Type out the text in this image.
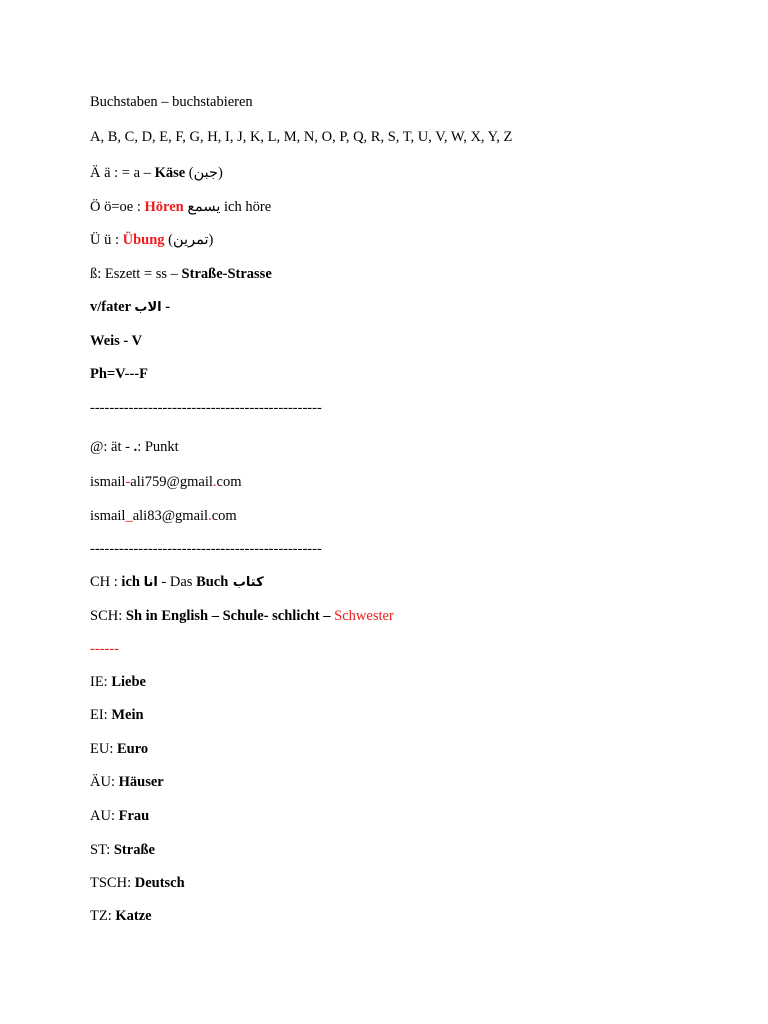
Buchstaben – buchstabieren
A, B, C, D, E, F, G, H, I, J, K, L, M, N, O, P, Q, R, S, T, U, V, W, X, Y, Z
Ä ä : = a – Käse (جبن)
Ö ö=oe : Hören يسمع ich höre
Ü ü : Übung (تمرين)
ß: Eszett = ss – Straße-Strasse
v/fater الاب -
Weis - V
Ph=V---F
------------------------------------------------
@: ät - .: Punkt
ismail-ali759@gmail.com
ismail_ali83@gmail.com
------------------------------------------------
CH : ich انا - Das Buch كتاب
SCH: Sh in English – Schule- schlicht – Schwester
------
IE: Liebe
EI: Mein
EU: Euro
ÄU: Häuser
AU: Frau
ST: Straße
TSCH: Deutsch
TZ: Katze
